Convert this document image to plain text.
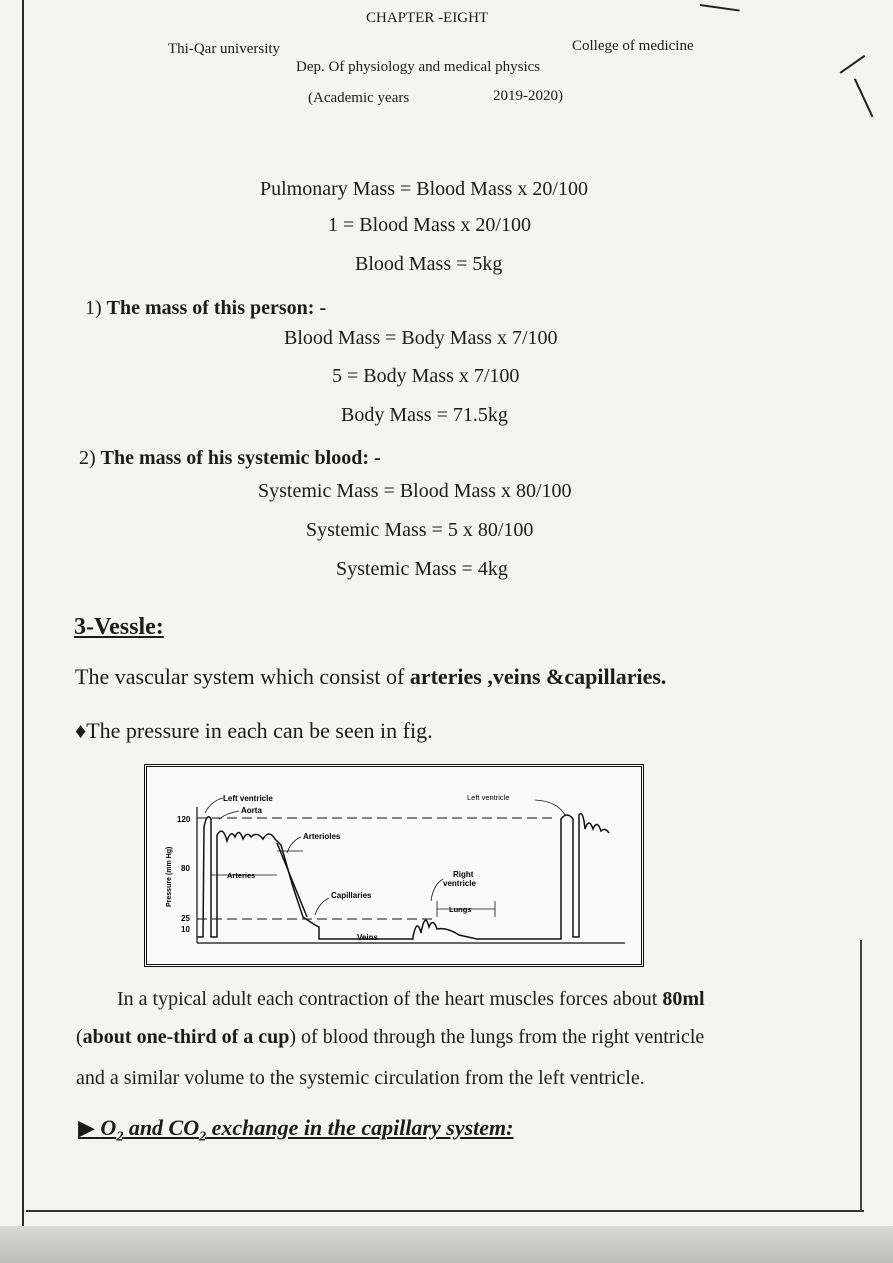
CHAPTER -EIGHT
Thi-Qar university	College of medicine
Dep. Of physiology and medical physics
(Academic years	2019-2020)
Pulmonary Mass = Blood Mass x 20/100
1 = Blood Mass x 20/100
Blood Mass = 5kg
1) The mass of this person: -
Blood Mass = Body Mass x 7/100
5 = Body Mass x 7/100
Body Mass = 71.5kg
2) The mass of his systemic blood: -
Systemic Mass = Blood Mass x 80/100
Systemic Mass = 5 x 80/100
Systemic Mass = 4kg
3-Vessle:
The vascular system which consist of arteries ,veins &capillaries.
♦The pressure in each can be seen in fig.
Pressure (mm Hg)
120
80
25
10
Left ventricle
Aorta
Arterioles
Arteries
Capillaries
Veins
Right
ventricle
Lungs
Left ventricle
In a typical adult each contraction of the heart muscles forces about 80ml
(about one-third of a cup) of blood through the lungs from the right ventricle
and a similar volume to the systemic circulation from the left ventricle.
▶ $O_2$ and $CO_2$ exchange in the capillary system:
